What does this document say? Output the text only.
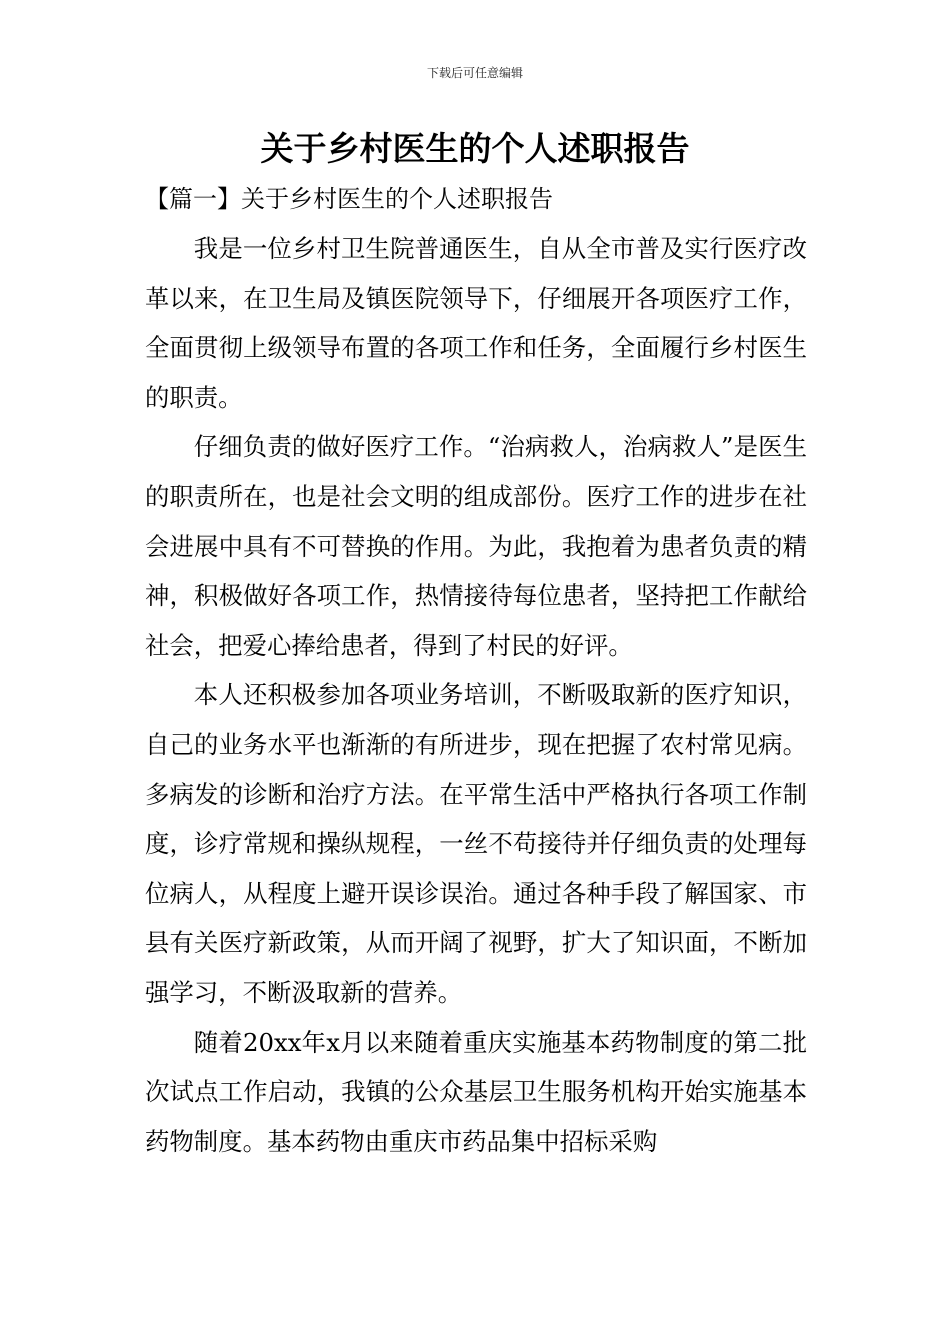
下载后可任意编辑
关于乡村医生的个人述职报告
【篇一】关于乡村医生的个人述职报告

我是一位乡村卫生院普通医生，自从全市普及实行医疗改革以来，在卫生局及镇医院领导下，仔细展开各项医疗工作，全面贯彻上级领导布置的各项工作和任务，全面履行乡村医生的职责。

仔细负责的做好医疗工作。“治病救人，治病救人”是医生的职责所在，也是社会文明的组成部份。医疗工作的进步在社会进展中具有不可替换的作用。为此，我抱着为患者负责的精神，积极做好各项工作，热情接待每位患者，坚持把工作献给社会，把爱心捧给患者，得到了村民的好评。

本人还积极参加各项业务培训，不断吸取新的医疗知识，自己的业务水平也渐渐的有所进步，现在把握了农村常见病。多病发的诊断和治疗方法。在平常生活中严格执行各项工作制度，诊疗常规和操纵规程，一丝不苟接待并仔细负责的处理每位病人，从程度上避开误诊误治。通过各种手段了解国家、市县有关医疗新政策，从而开阔了视野，扩大了知识面，不断加强学习，不断汲取新的营养。

随着20xx年x月以来随着重庆实施基本药物制度的第二批次试点工作启动，我镇的公众基层卫生服务机构开始实施基本药物制度。基本药物由重庆市药品集中招标采购
